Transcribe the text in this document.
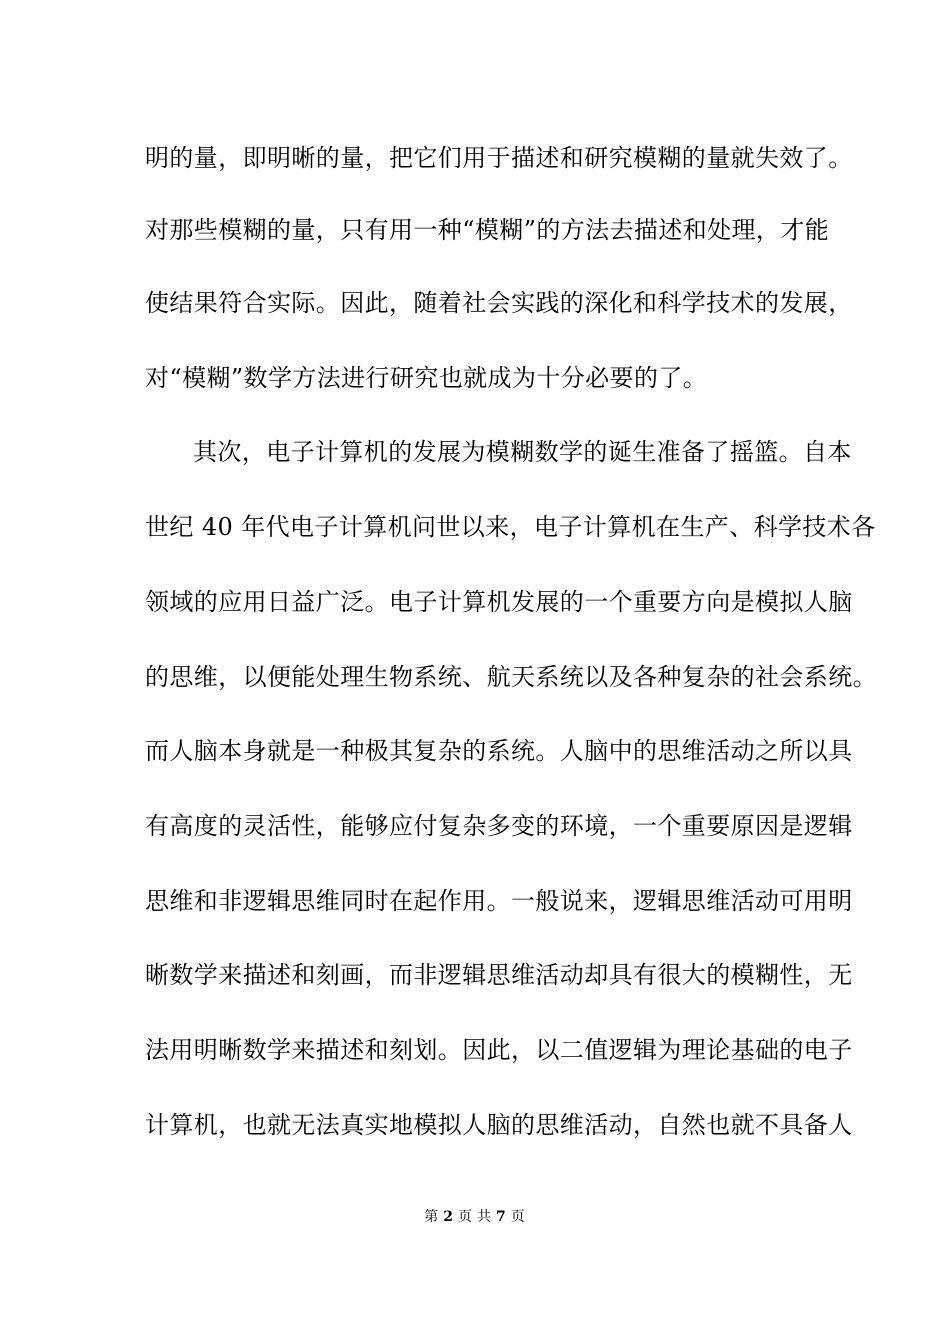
明的量，即明晰的量，把它们用于描述和研究模糊的量就失效了。
对那些模糊的量，只有用一种“模糊”的方法去描述和处理，才能
使结果符合实际。因此，随着社会实践的深化和科学技术的发展，
对“模糊”数学方法进行研究也就成为十分必要的了。
其次，电子计算机的发展为模糊数学的诞生准备了摇篮。自本
世纪 40 年代电子计算机问世以来，电子计算机在生产、科学技术各
领域的应用日益广泛。电子计算机发展的一个重要方向是模拟人脑
的思维，以便能处理生物系统、航天系统以及各种复杂的社会系统。
而人脑本身就是一种极其复杂的系统。人脑中的思维活动之所以具
有高度的灵活性，能够应付复杂多变的环境，一个重要原因是逻辑
思维和非逻辑思维同时在起作用。一般说来，逻辑思维活动可用明
晰数学来描述和刻画，而非逻辑思维活动却具有很大的模糊性，无
法用明晰数学来描述和刻划。因此，以二值逻辑为理论基础的电子
计算机，也就无法真实地模拟人脑的思维活动，自然也就不具备人
第 2 页 共 7 页
